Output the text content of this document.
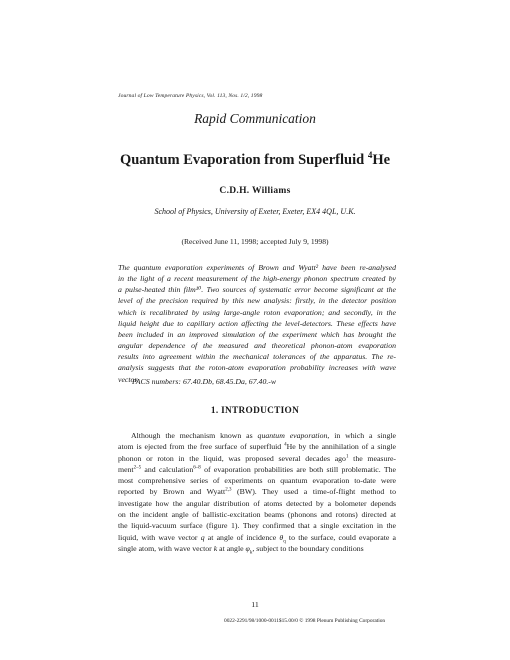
Journal of Low Temperature Physics, Vol. 113, Nos. 1/2, 1998
Rapid Communication
Quantum Evaporation from Superfluid $^4$He
C.D.H. Williams
School of Physics, University of Exeter, Exeter, EX4 4QL, U.K.
(Received June 11, 1998; accepted July 9, 1998)
The quantum evaporation experiments of Brown and Wyatt² have been re-analysed
in the light of a recent measurement of the high-energy phonon spectrum created by
a pulse-heated thin film¹⁰. Two sources of systematic error become significant at the
level of the precision required by this new analysis: firstly, in the detector position
which is recalibrated by using large-angle roton evaporation; and secondly, in the
liquid height due to capillary action affecting the level-detectors. These effects have
been included in an improved simulation of the experiment which has brought the
angular dependence of the measured and theoretical phonon-atom evaporation
results into agreement within the mechanical tolerances of the apparatus. The re-
analysis suggests that the roton-atom evaporation probability increases with wave
vector.
PACS numbers: 67.40.Db, 68.45.Da, 67.40.-w
1. INTRODUCTION
Although the mechanism known as quantum evaporation, in which a single
atom is ejected from the free surface of superfluid $^4$He by the annihilation of a single
phonon or roton in the liquid, was proposed several decades ago$^1$ the measure-
ment$^{2-5}$ and calculation$^{6-8}$ of evaporation probabilities are both still problematic. The
most comprehensive series of experiments on quantum evaporation to-date were
reported by Brown and Wyatt$^{2,3}$ (BW). They used a time-of-flight method to
investigate how the angular distribution of atoms detected by a bolometer depends
on the incident angle of ballistic-excitation beams (phonons and rotons) directed at
the liquid-vacuum surface (figure 1). They confirmed that a single excitation in the
liquid, with wave vector q at angle of incidence $\theta_q$ to the surface, could evaporate a
single atom, with wave vector k at angle $\varphi_k$, subject to the boundary conditions
11
0022-2291/98/1000-0011$15.00/0 © 1998 Plenum Publishing Corporation
